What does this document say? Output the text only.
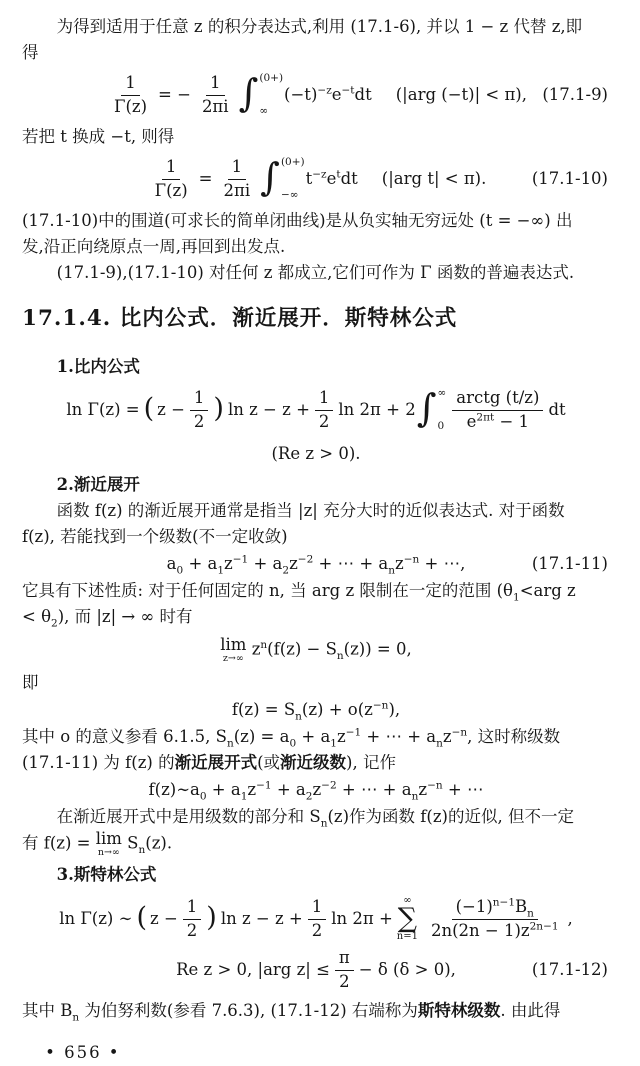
为得到适用于任意 z 的积分表达式,利用 (17.1-6), 并以 1 − z 代替 z,即

得

$\frac{1}{\Gamma(z)}$ = − $\frac{1}{2\pi i}$ ∫ (0+)
∞
$(-t)^{-z}e^{-t}dt$ (|arg (−t)| < π), (17.1-9)

若把 t 换成 −t, 则得

$\frac{1}{\Gamma(z)} = \frac{1}{2\pi i}$ ∫ (0+)
−∞
$t^{-z}e^tdt$ (|arg t| < π).	(17.1-10)

(17.1-10)中的围道(可求长的简单闭曲线)是从负实轴无穷远处 (t = −∞) 出

发,沿正向绕原点一周,再回到出发点.

(17.1-9),(17.1-10) 对任何 z 都成立,它们可作为 Γ 函数的普遍表达式.

17.1.4. 比内公式．渐近展开．斯特林公式

1.比内公式

ln Γ(z) = ( $z - \frac{1}{2}$ ) $\ln z - z + \frac{1}{2}$ ln 2π + 2 ∫ ∞
$0 \frac{\text{arctg (t/z)}}{e^{2\pi t} - 1}$ dt
(Re z > 0).

2.渐近展开

函数 f(z) 的渐近展开通常是指当 |z| 充分大时的近似表达式. 对于函数

f(z), 若能找到一个级数(不一定收敛)

$a_0 + a_1z^{-1} + a_2z^{-2}$ + ⋯ + $a_nz^{-n}$ + ⋯,	(17.1-11)

它具有下述性质: 对于任何固定的 n, 当 arg z 限制在一定的范围 ($\theta_1<arg$ z

< $\theta_2$), 而 |z| → ∞ 时有

lim
z→∞
$z^n(f(z) - S_n(z)) = 0$,

即

$f(z) = S_n(z) + o(z^{-n})$,

其中 o 的意义参看 6.1.5, $S_n(z) = a_0 + a_1z^{-1}$ + ⋯ + $a_nz^{-n}$, 这时称级数

(17.1-11) 为 f(z) 的渐近展开式(或渐近级数), 记作

$f(z)\sim a_0 + a_1z^{-1} + a_2z^{-2}$ + ⋯ + $a_nz^{-n}$ + ⋯

在渐近展开式中是用级数的部分和 $S_n(z)$作为函数 f(z)的近似, 但不一定

有 f(z) = lim
n→∞
$S_n(z)$.

3.斯特林公式

ln Γ(z) ∼ ( $z - \frac{1}{2}$ ) $\ln z - z + \frac{1}{2}$ ln 2π +
∞
∑
$n=1 \frac{(-1)^{n-1}B_n}{2n(2n - 1)z^{2n-1}}$ ,
Re z > 0, |arg $z| \le \frac{\pi}{2} - \delta$ (δ > 0),	(17.1-12)

其中 $B_n$ 为伯努利数(参看 7.6.3), (17.1-12) 右端称为斯特林级数. 由此得

• 656 •
